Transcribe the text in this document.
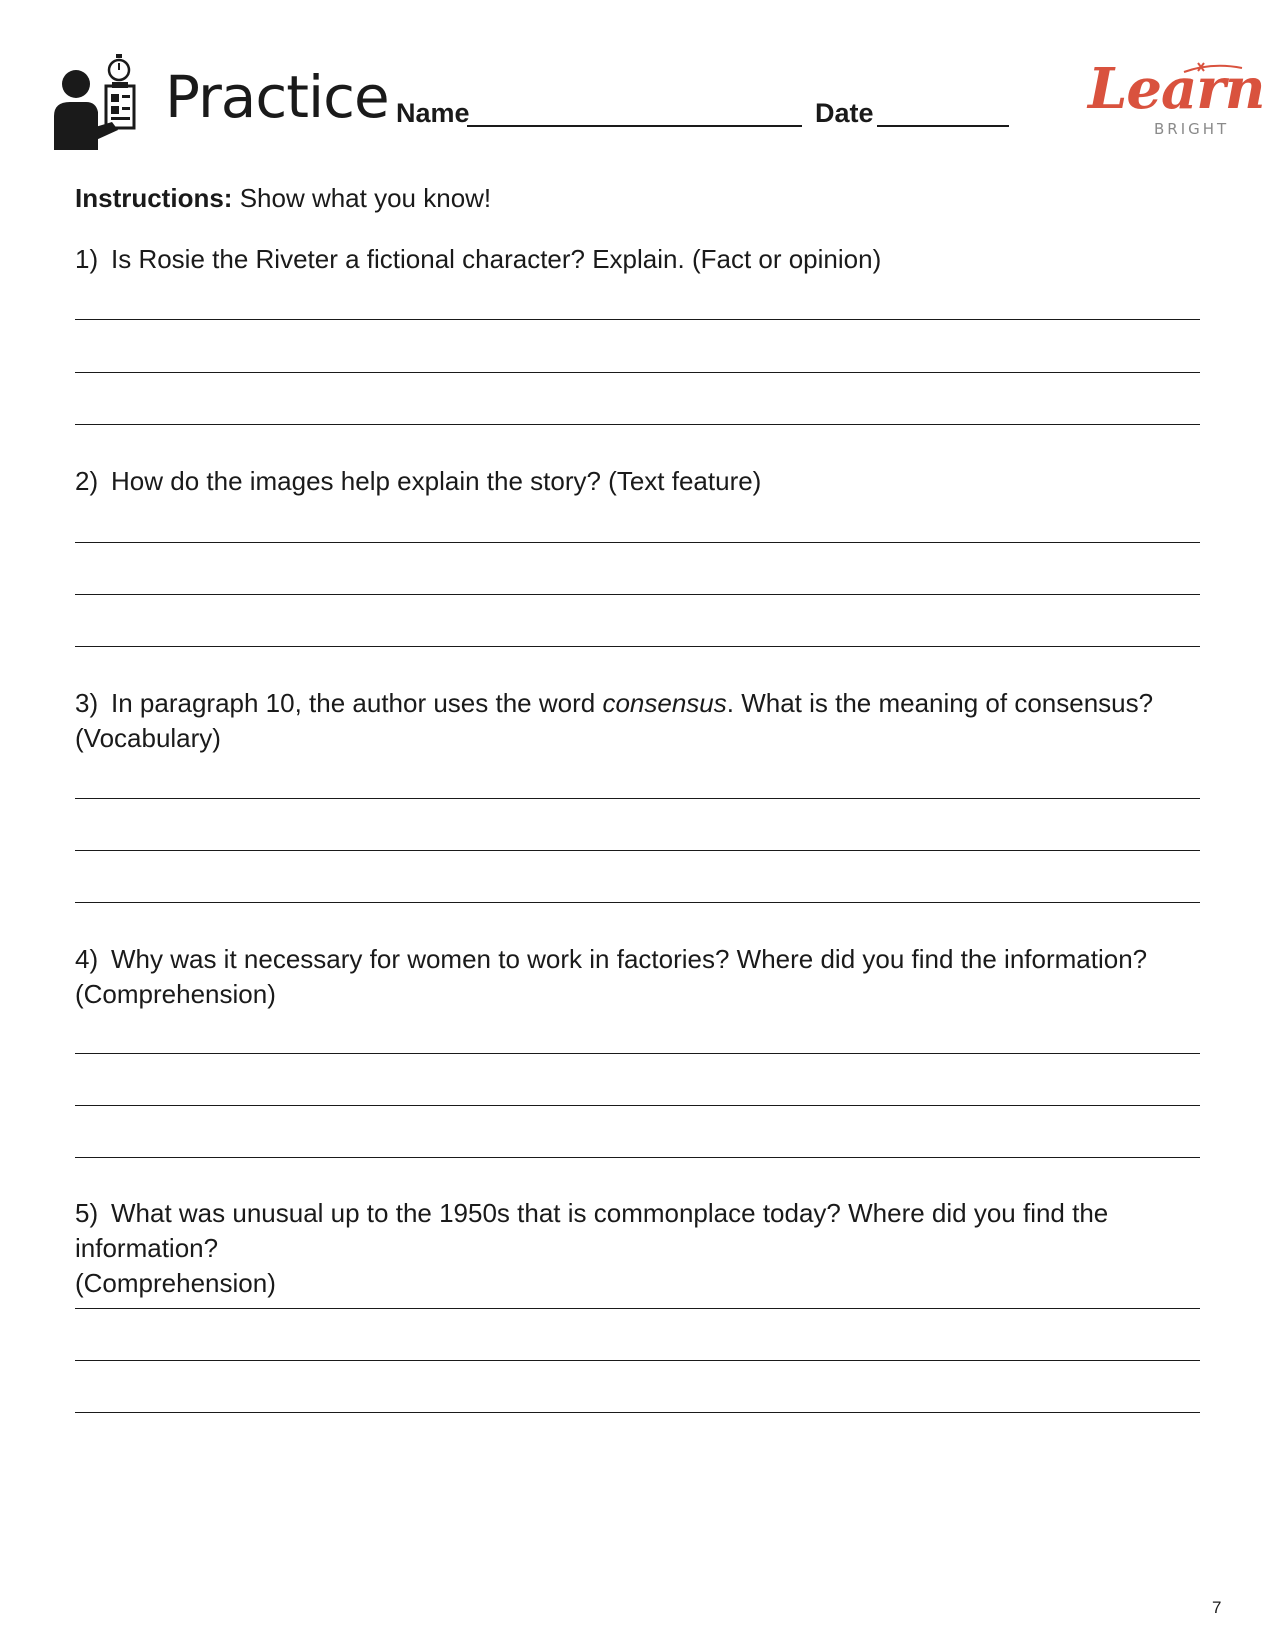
Practice Name	Date	Learn
BRIGHT
Instructions: Show what you know!
1) Is Rosie the Riveter a fictional character? Explain. (Fact or opinion)
2) How do the images help explain the story? (Text feature)
3) In paragraph 10, the author uses the word consensus. What is the meaning of consensus?
(Vocabulary)
4) Why was it necessary for women to work in factories? Where did you find the information?
(Comprehension)
5) What was unusual up to the 1950s that is commonplace today? Where did you find the information?
(Comprehension)
7
